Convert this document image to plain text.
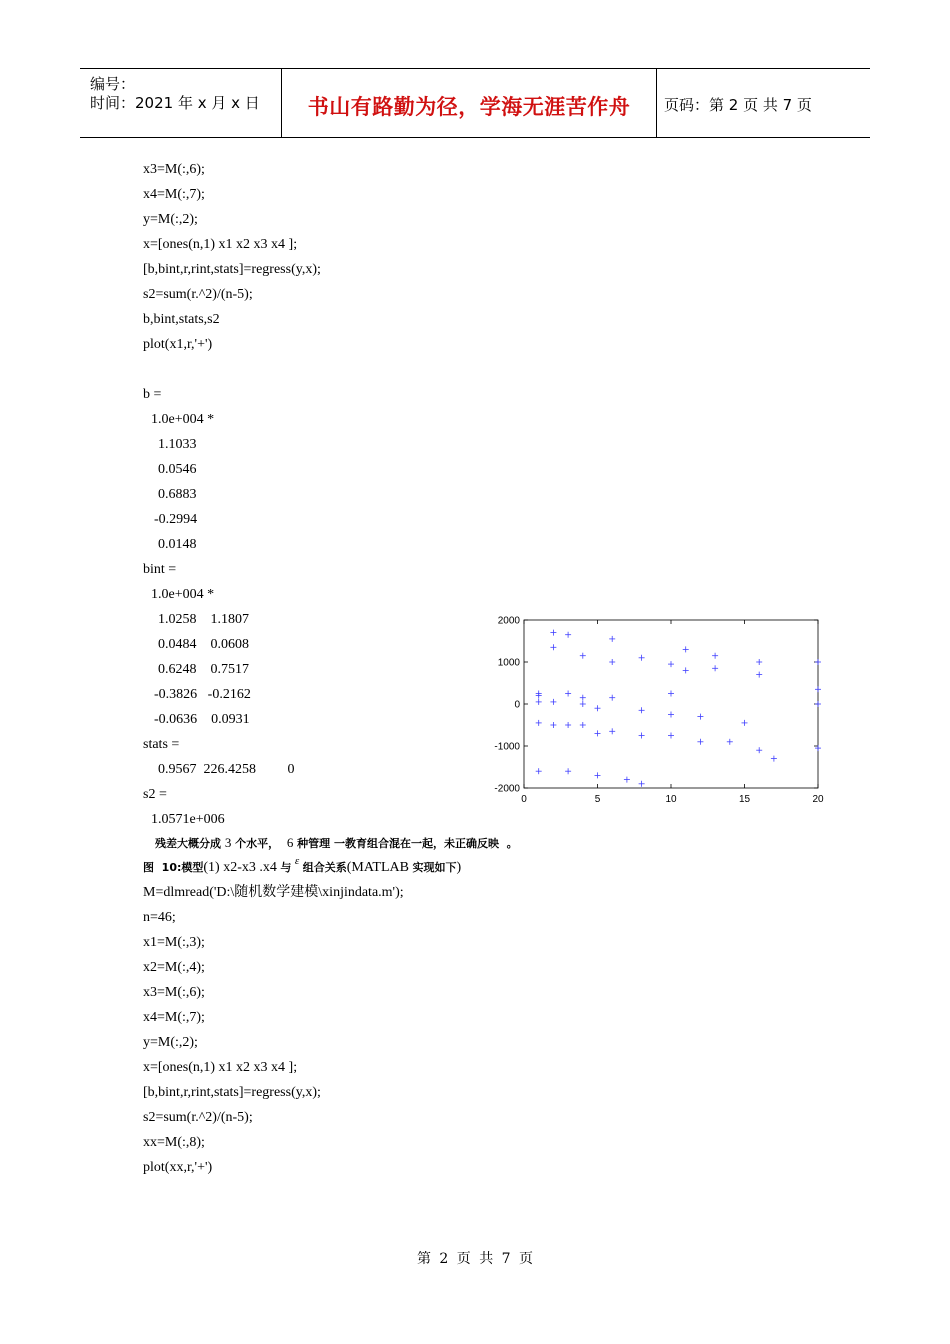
编号：
时间：2021 年 x 月 x 日	书山有路勤为径，学海无涯苦作舟	页码：第 2 页 共 7 页
x3=M(:,6);
x4=M(:,7);
y=M(:,2);
x=[ones(n,1) x1 x2 x3 x4 ];
[b,bint,r,rint,stats]=regress(y,x);
s2=sum(r.^2)/(n-5);
b,bint,stats,s2
plot(x1,r,'+')
b =
1.0e+004 *
1.1033
0.0546
0.6883
-0.2994
0.0148
bint =
1.0e+004 *
1.0258    1.1807
0.0484    0.0608
0.6248    0.7517
-0.3826   -0.2162
-0.0636    0.0931
stats =
0.9567  226.4258         0
s2 =
1.0571e+006
0	5	10	15	20
2000
1000
0
-1000
-2000
残差大概分成 3 个水平，  6 种管理 一教育组合混在一起，未正确反映  。
图  10:模型(1) x2-x3 .x4 与 $^\varepsilon$ 组合关系(MATLAB 实现如下)
M=dlmread('D:\随机数学建模\xinjindata.m');
n=46;
x1=M(:,3);
x2=M(:,4);
x3=M(:,6);
x4=M(:,7);
y=M(:,2);
x=[ones(n,1) x1 x2 x3 x4 ];
[b,bint,r,rint,stats]=regress(y,x);
s2=sum(r.^2)/(n-5);
xx=M(:,8);
plot(xx,r,'+')
第 2 页 共 7 页
